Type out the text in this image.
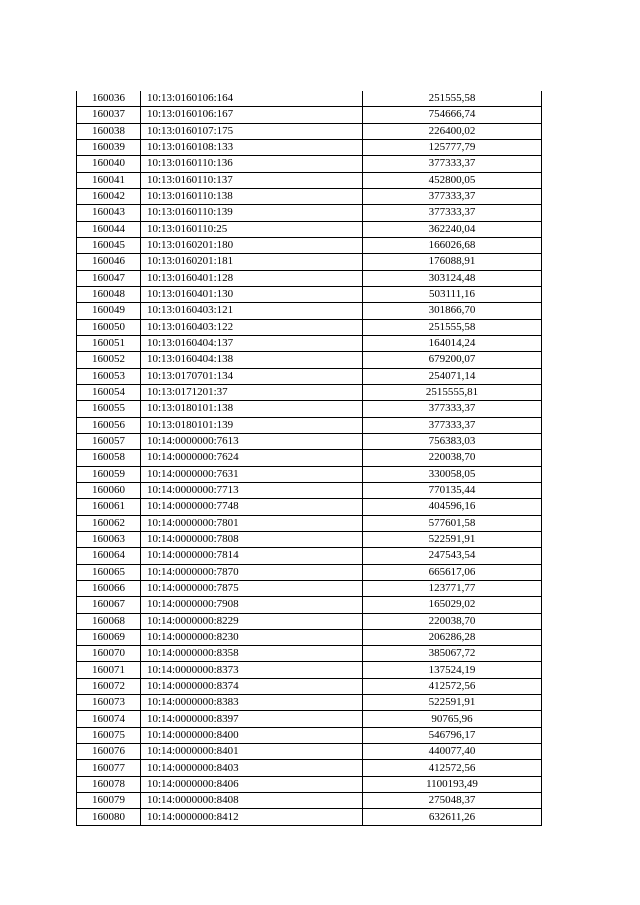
160036	10:13:0160106:164	251555,58
160037	10:13:0160106:167	754666,74
160038	10:13:0160107:175	226400,02
160039	10:13:0160108:133	125777,79
160040	10:13:0160110:136	377333,37
160041	10:13:0160110:137	452800,05
160042	10:13:0160110:138	377333,37
160043	10:13:0160110:139	377333,37
160044	10:13:0160110:25	362240,04
160045	10:13:0160201:180	166026,68
160046	10:13:0160201:181	176088,91
160047	10:13:0160401:128	303124,48
160048	10:13:0160401:130	503111,16
160049	10:13:0160403:121	301866,70
160050	10:13:0160403:122	251555,58
160051	10:13:0160404:137	164014,24
160052	10:13:0160404:138	679200,07
160053	10:13:0170701:134	254071,14
160054	10:13:0171201:37	2515555,81
160055	10:13:0180101:138	377333,37
160056	10:13:0180101:139	377333,37
160057	10:14:0000000:7613	756383,03
160058	10:14:0000000:7624	220038,70
160059	10:14:0000000:7631	330058,05
160060	10:14:0000000:7713	770135,44
160061	10:14:0000000:7748	404596,16
160062	10:14:0000000:7801	577601,58
160063	10:14:0000000:7808	522591,91
160064	10:14:0000000:7814	247543,54
160065	10:14:0000000:7870	665617,06
160066	10:14:0000000:7875	123771,77
160067	10:14:0000000:7908	165029,02
160068	10:14:0000000:8229	220038,70
160069	10:14:0000000:8230	206286,28
160070	10:14:0000000:8358	385067,72
160071	10:14:0000000:8373	137524,19
160072	10:14:0000000:8374	412572,56
160073	10:14:0000000:8383	522591,91
160074	10:14:0000000:8397	90765,96
160075	10:14:0000000:8400	546796,17
160076	10:14:0000000:8401	440077,40
160077	10:14:0000000:8403	412572,56
160078	10:14:0000000:8406	1100193,49
160079	10:14:0000000:8408	275048,37
160080	10:14:0000000:8412	632611,26
